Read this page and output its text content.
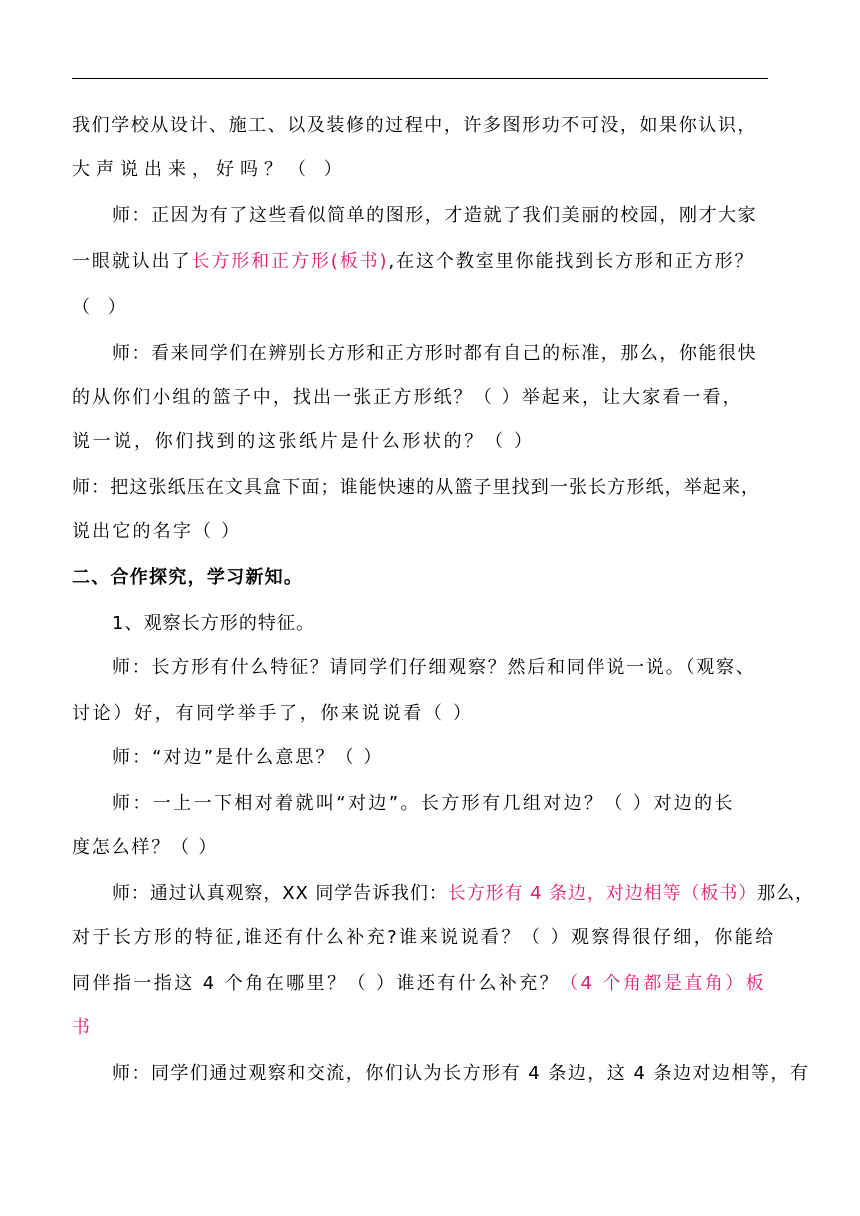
我们学校从设计、施工、以及装修的过程中，许多图形功不可没，如果你认识，
大声说出来，好吗？（ ）
师：正因为有了这些看似简单的图形，才造就了我们美丽的校园，刚才大家
一眼就认出了长方形和正方形(板书),在这个教室里你能找到长方形和正方形？
（ ）
师：看来同学们在辨别长方形和正方形时都有自己的标准，那么，你能很快
的从你们小组的篮子中，找出一张正方形纸？（ ）举起来，让大家看一看，
说一说，你们找到的这张纸片是什么形状的？（ ）
师：把这张纸压在文具盒下面；谁能快速的从篮子里找到一张长方形纸，举起来，
说出它的名字（ ）
二、合作探究，学习新知。
1、观察长方形的特征。
师：长方形有什么特征？请同学们仔细观察？然后和同伴说一说。（观察、
讨论）好，有同学举手了，你来说说看（ ）
师：“对边”是什么意思？（ ）
师：一上一下相对着就叫“对边”。长方形有几组对边？（ ）对边的长
度怎么样？（ ）
师：通过认真观察，XX 同学告诉我们：长方形有 4 条边，对边相等（板书）那么，
对于长方形的特征,谁还有什么补充?谁来说说看？（ ）观察得很仔细，你能给
同伴指一指这 4 个角在哪里？（ ）谁还有什么补充？（4 个角都是直角）板
书
师：同学们通过观察和交流，你们认为长方形有 4 条边，这 4 条边对边相等，有
